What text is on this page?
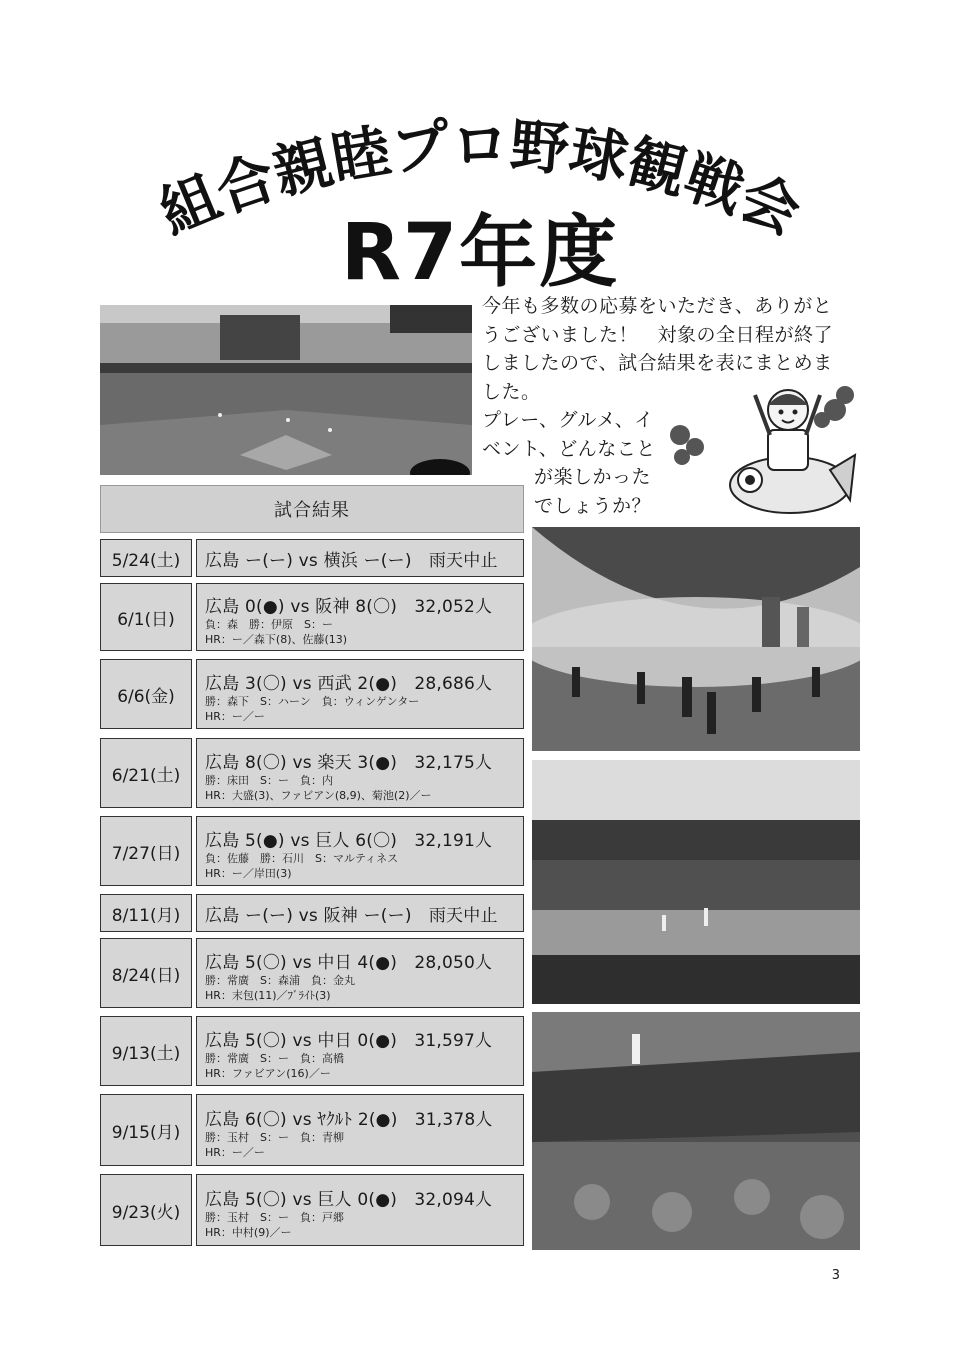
組合親睦プロ野球観戦会
R7年度

今年も多数の応募をいただき、ありがと

うございました！　対象の全日程が終了

しましたので、試合結果を表にまとめま

した。

プレー、グルメ、イ

ベント、どんなこと

が楽しかった

でしょうか？

試合結果
5/24(土)	広島 ー(ー) vs 横浜 ー(ー)　雨天中止
6/1(日)
広島 0(●) vs 阪神 8(〇)　32,052人
負：森　勝：伊原　S：ー
HR：ー／森下(8)、佐藤(13)
6/6(金)
広島 3(〇) vs 西武 2(●)　28,686人
勝：森下　S：ハーン　負：ウィンゲンター
HR：ー／ー
6/21(土)
広島 8(〇) vs 楽天 3(●)　32,175人
勝：床田　S：ー　負：内
HR：大盛(3)、ファビアン(8,9)、菊池(2)／ー
7/27(日)
広島 5(●) vs 巨人 6(〇)　32,191人
負：佐藤　勝：石川　S：マルティネス
HR：ー／岸田(3)
8/11(月)	広島 ー(ー) vs 阪神 ー(ー)　雨天中止
8/24(日)
広島 5(〇) vs 中日 4(●)　28,050人
勝：常廣　S：森浦　負：金丸
HR：末包(11)／ﾌﾞﾗｲﾄ(3)
9/13(土)
広島 5(〇) vs 中日 0(●)　31,597人
勝：常廣　S：ー　負：高橋
HR：ファビアン(16)／ー
9/15(月)
広島 6(〇) vs ﾔｸﾙﾄ 2(●)　31,378人
勝：玉村　S：ー　負：青柳
HR：ー／ー
9/23(火)
広島 5(〇) vs 巨人 0(●)　32,094人
勝：玉村　S：ー　負：戸郷
HR：中村(9)／ー
3
